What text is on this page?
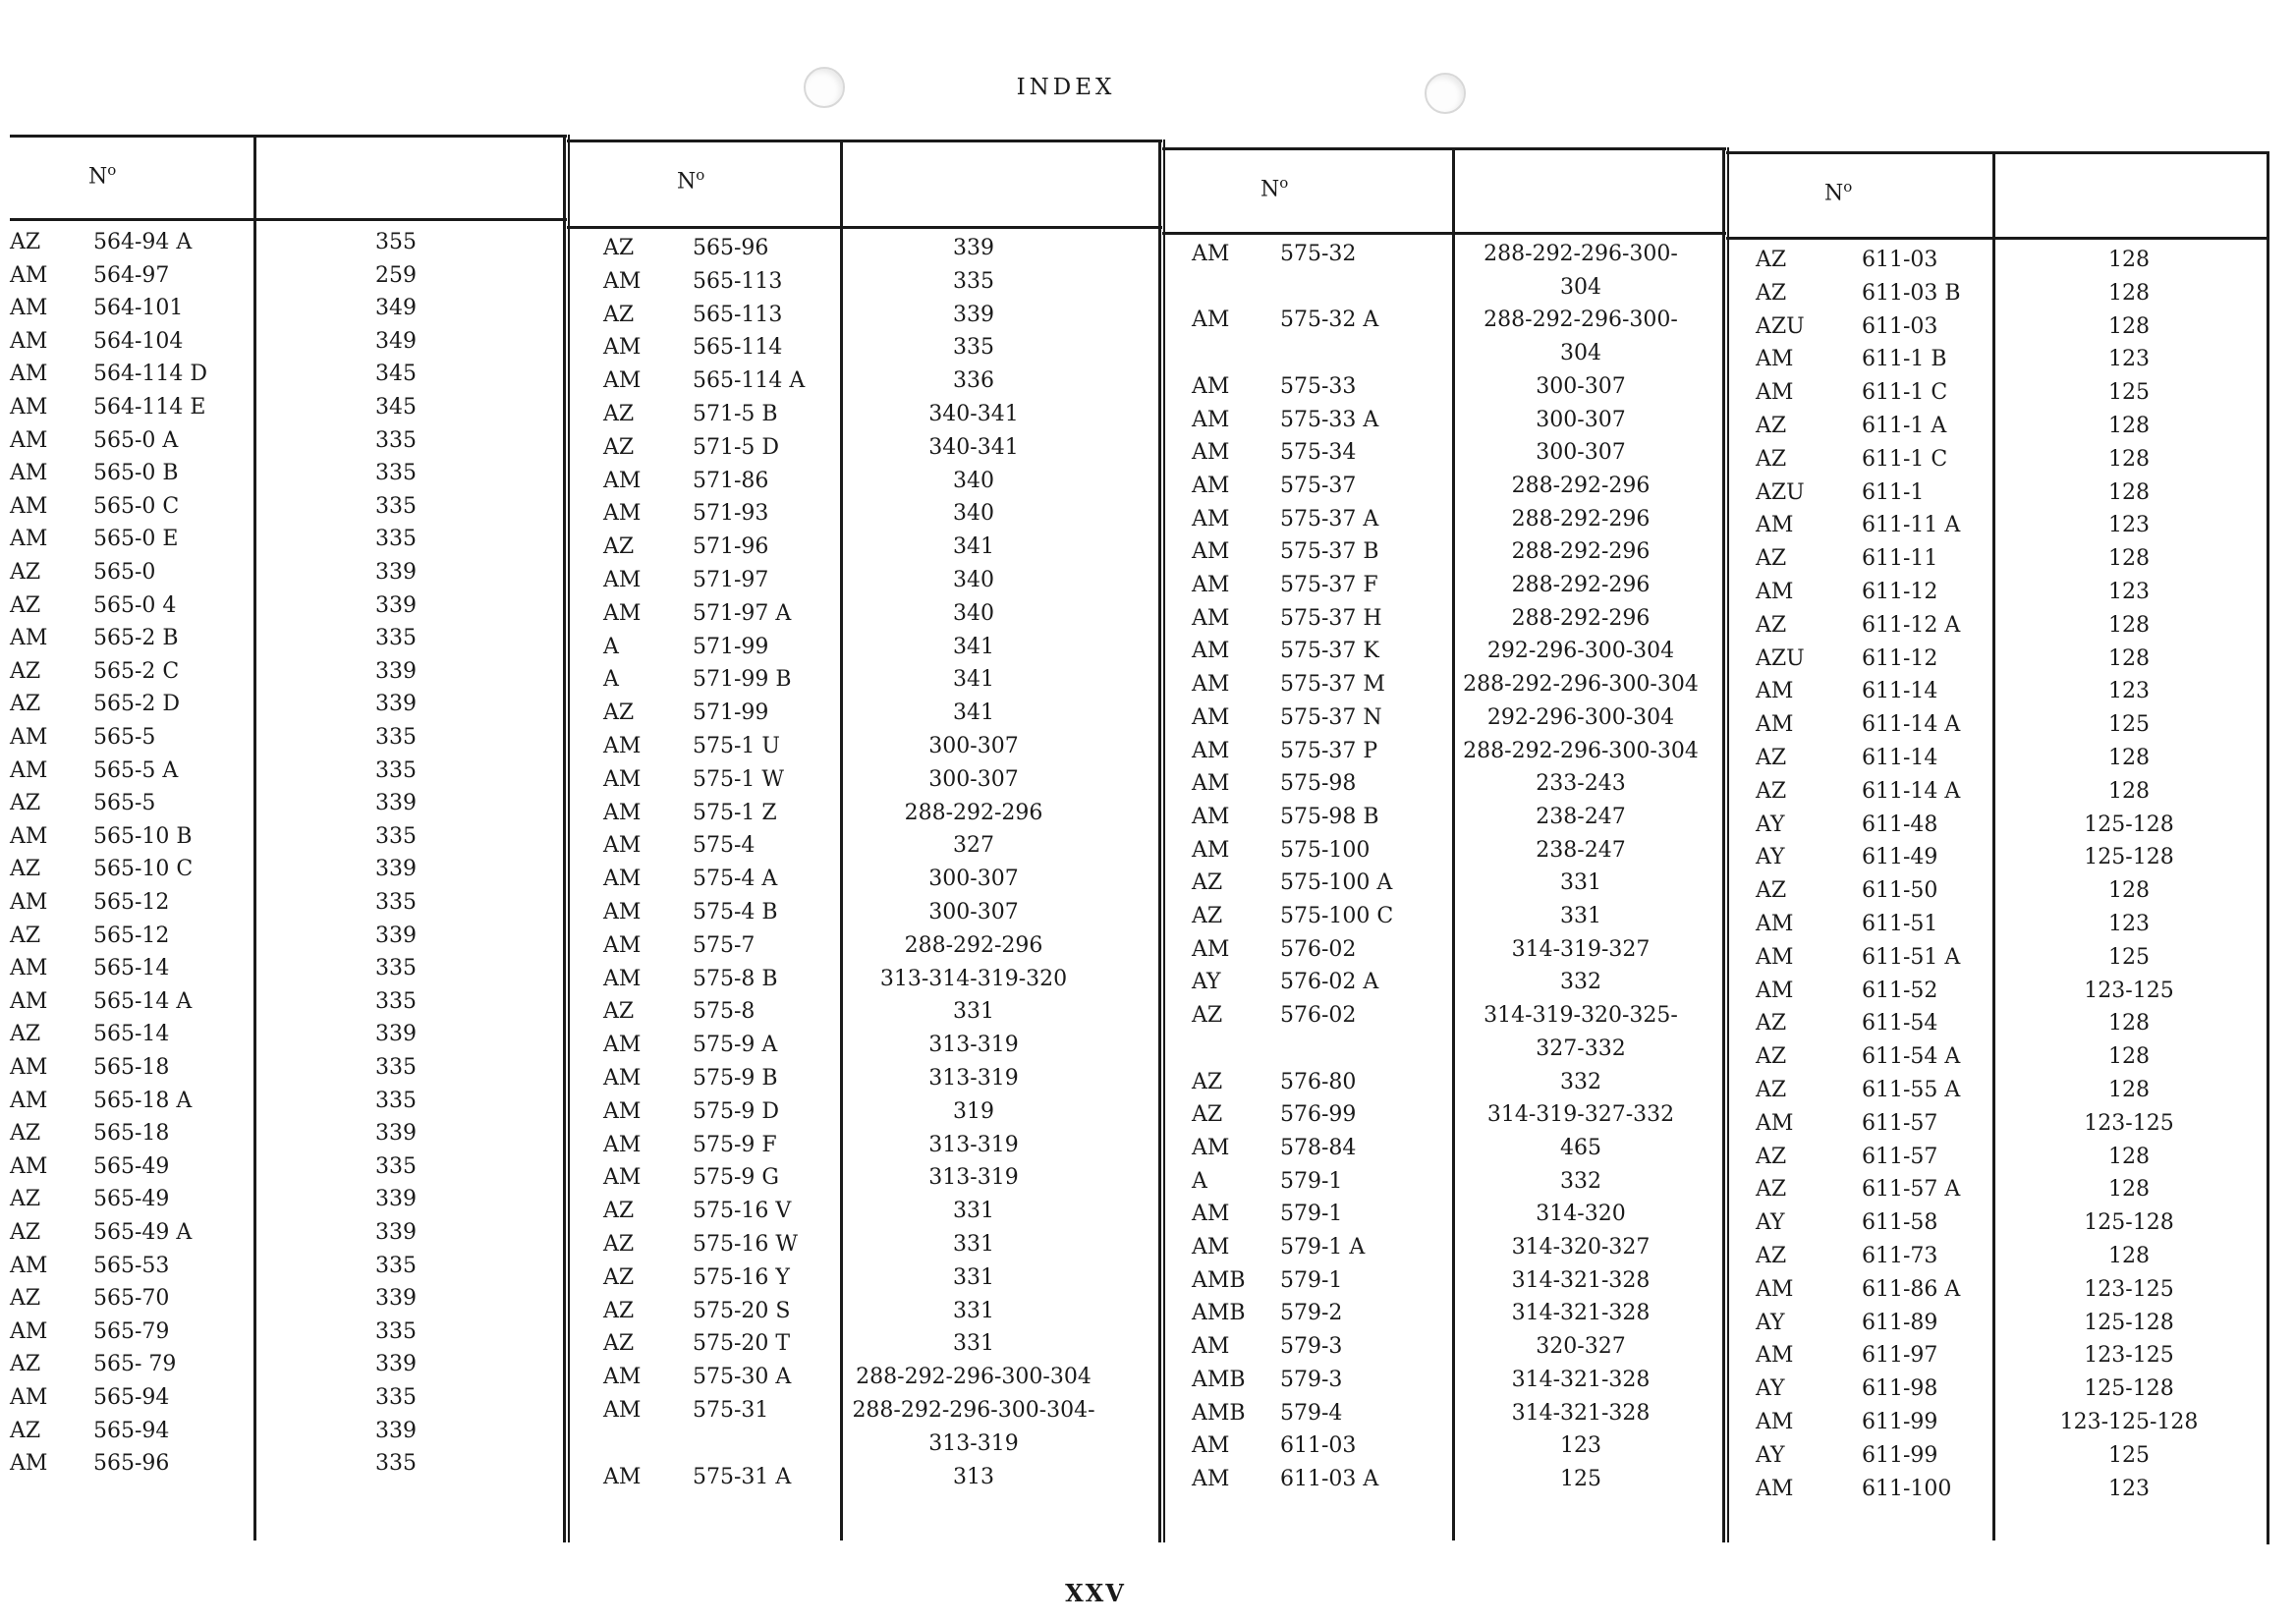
INDEX
$N^o$
AZ 564-94 A	355
AM 564-97	259
AM 564-101	349
AM 564-104	349
AM 564-114 D	345
AM 564-114 E	345
AM 565-0 A	335
AM 565-0 B	335
AM 565-0 C	335
AM 565-0 E	335
AZ 565-0	339
AZ 565-0 4	339
AM 565-2 B	335
AZ 565-2 C	339
AZ 565-2 D	339
AM 565-5	335
AM 565-5 A	335
AZ 565-5	339
AM 565-10 B	335
AZ 565-10 C	339
AM 565-12	335
AZ 565-12	339
AM 565-14	335
AM 565-14 A	335
AZ 565-14	339
AM 565-18	335
AM 565-18 A	335
AZ 565-18	339
AM 565-49	335
AZ 565-49	339
AZ 565-49 A	339
AM 565-53	335
AZ 565-70	339
AM 565-79	335
AZ 565- 79	339
AM 565-94	335
AZ 565-94	339
AM 565-96	335
$N^o$
AZ	565-96	339
AM 565-113	335
AZ	565-113	339
AM 565-114	335
AM 565-114 A	336
AZ	571-5 B	340-341
AZ	571-5 D	340-341
AM 571-86	340
AM 571-93	340
AZ	571-96	341
AM 571-97	340
AM 571-97 A	340
A	571-99	341
A	571-99 B	341
AZ	571-99	341
AM 575-1 U	300-307
AM 575-1 W	300-307
AM 575-1 Z	288-292-296
AM 575-4	327
AM 575-4 A	300-307
AM 575-4 B	300-307
AM 575-7	288-292-296
AM 575-8 B	313-314-319-320
AZ	575-8	331
AM 575-9 A	313-319
AM 575-9 B	313-319
AM 575-9 D	319
AM 575-9 F	313-319
AM 575-9 G	313-319
AZ	575-16 V	331
AZ	575-16 W	331
AZ	575-16 Y	331
AZ	575-20 S	331
AZ	575-20 T	331
AM 575-30 A	288-292-296-300-304
AM 575-31	288-292-296-300-304-
313-319
AM 575-31 A	313
$N^o$
AM 575-32	288-292-296-300-
304
AM 575-32 A	288-292-296-300-
304
AM 575-33	300-307
AM 575-33 A	300-307
AM 575-34	300-307
AM 575-37	288-292-296
AM 575-37 A	288-292-296
AM 575-37 B	288-292-296
AM 575-37 F	288-292-296
AM 575-37 H	288-292-296
AM 575-37 K	292-296-300-304
AM 575-37 M	288-292-296-300-304
AM 575-37 N	292-296-300-304
AM 575-37 P	288-292-296-300-304
AM 575-98	233-243
AM 575-98 B	238-247
AM 575-100	238-247
AZ	575-100 A	331
AZ	575-100 C	331
AM 576-02	314-319-327
AY	576-02 A	332
AZ	576-02	314-319-320-325-
327-332
AZ	576-80	332
AZ	576-99	314-319-327-332
AM 578-84	465
A	579-1	332
AM 579-1	314-320
AM 579-1 A	314-320-327
AMB 579-1	314-321-328
AMB 579-2	314-321-328
AM 579-3	320-327
AMB 579-3	314-321-328
AMB 579-4	314-321-328
AM 611-03	123
AM 611-03 A	125
$N^o$
AZ	611-03	128
AZ	611-03 B	128
AZU	611-03	128
AM	611-1 B	123
AM	611-1 C	125
AZ	611-1 A	128
AZ	611-1 C	128
AZU	611-1	128
AM	611-11 A	123
AZ	611-11	128
AM	611-12	123
AZ	611-12 A	128
AZU	611-12	128
AM	611-14	123
AM	611-14 A	125
AZ	611-14	128
AZ	611-14 A	128
AY	611-48	125-128
AY	611-49	125-128
AZ	611-50	128
AM	611-51	123
AM	611-51 A	125
AM	611-52	123-125
AZ	611-54	128
AZ	611-54 A	128
AZ	611-55 A	128
AM	611-57	123-125
AZ	611-57	128
AZ	611-57 A	128
AY	611-58	125-128
AZ	611-73	128
AM	611-86 A	123-125
AY	611-89	125-128
AM	611-97	123-125
AY	611-98	125-128
AM	611-99	123-125-128
AY	611-99	125
AM	611-100	123
XXV
